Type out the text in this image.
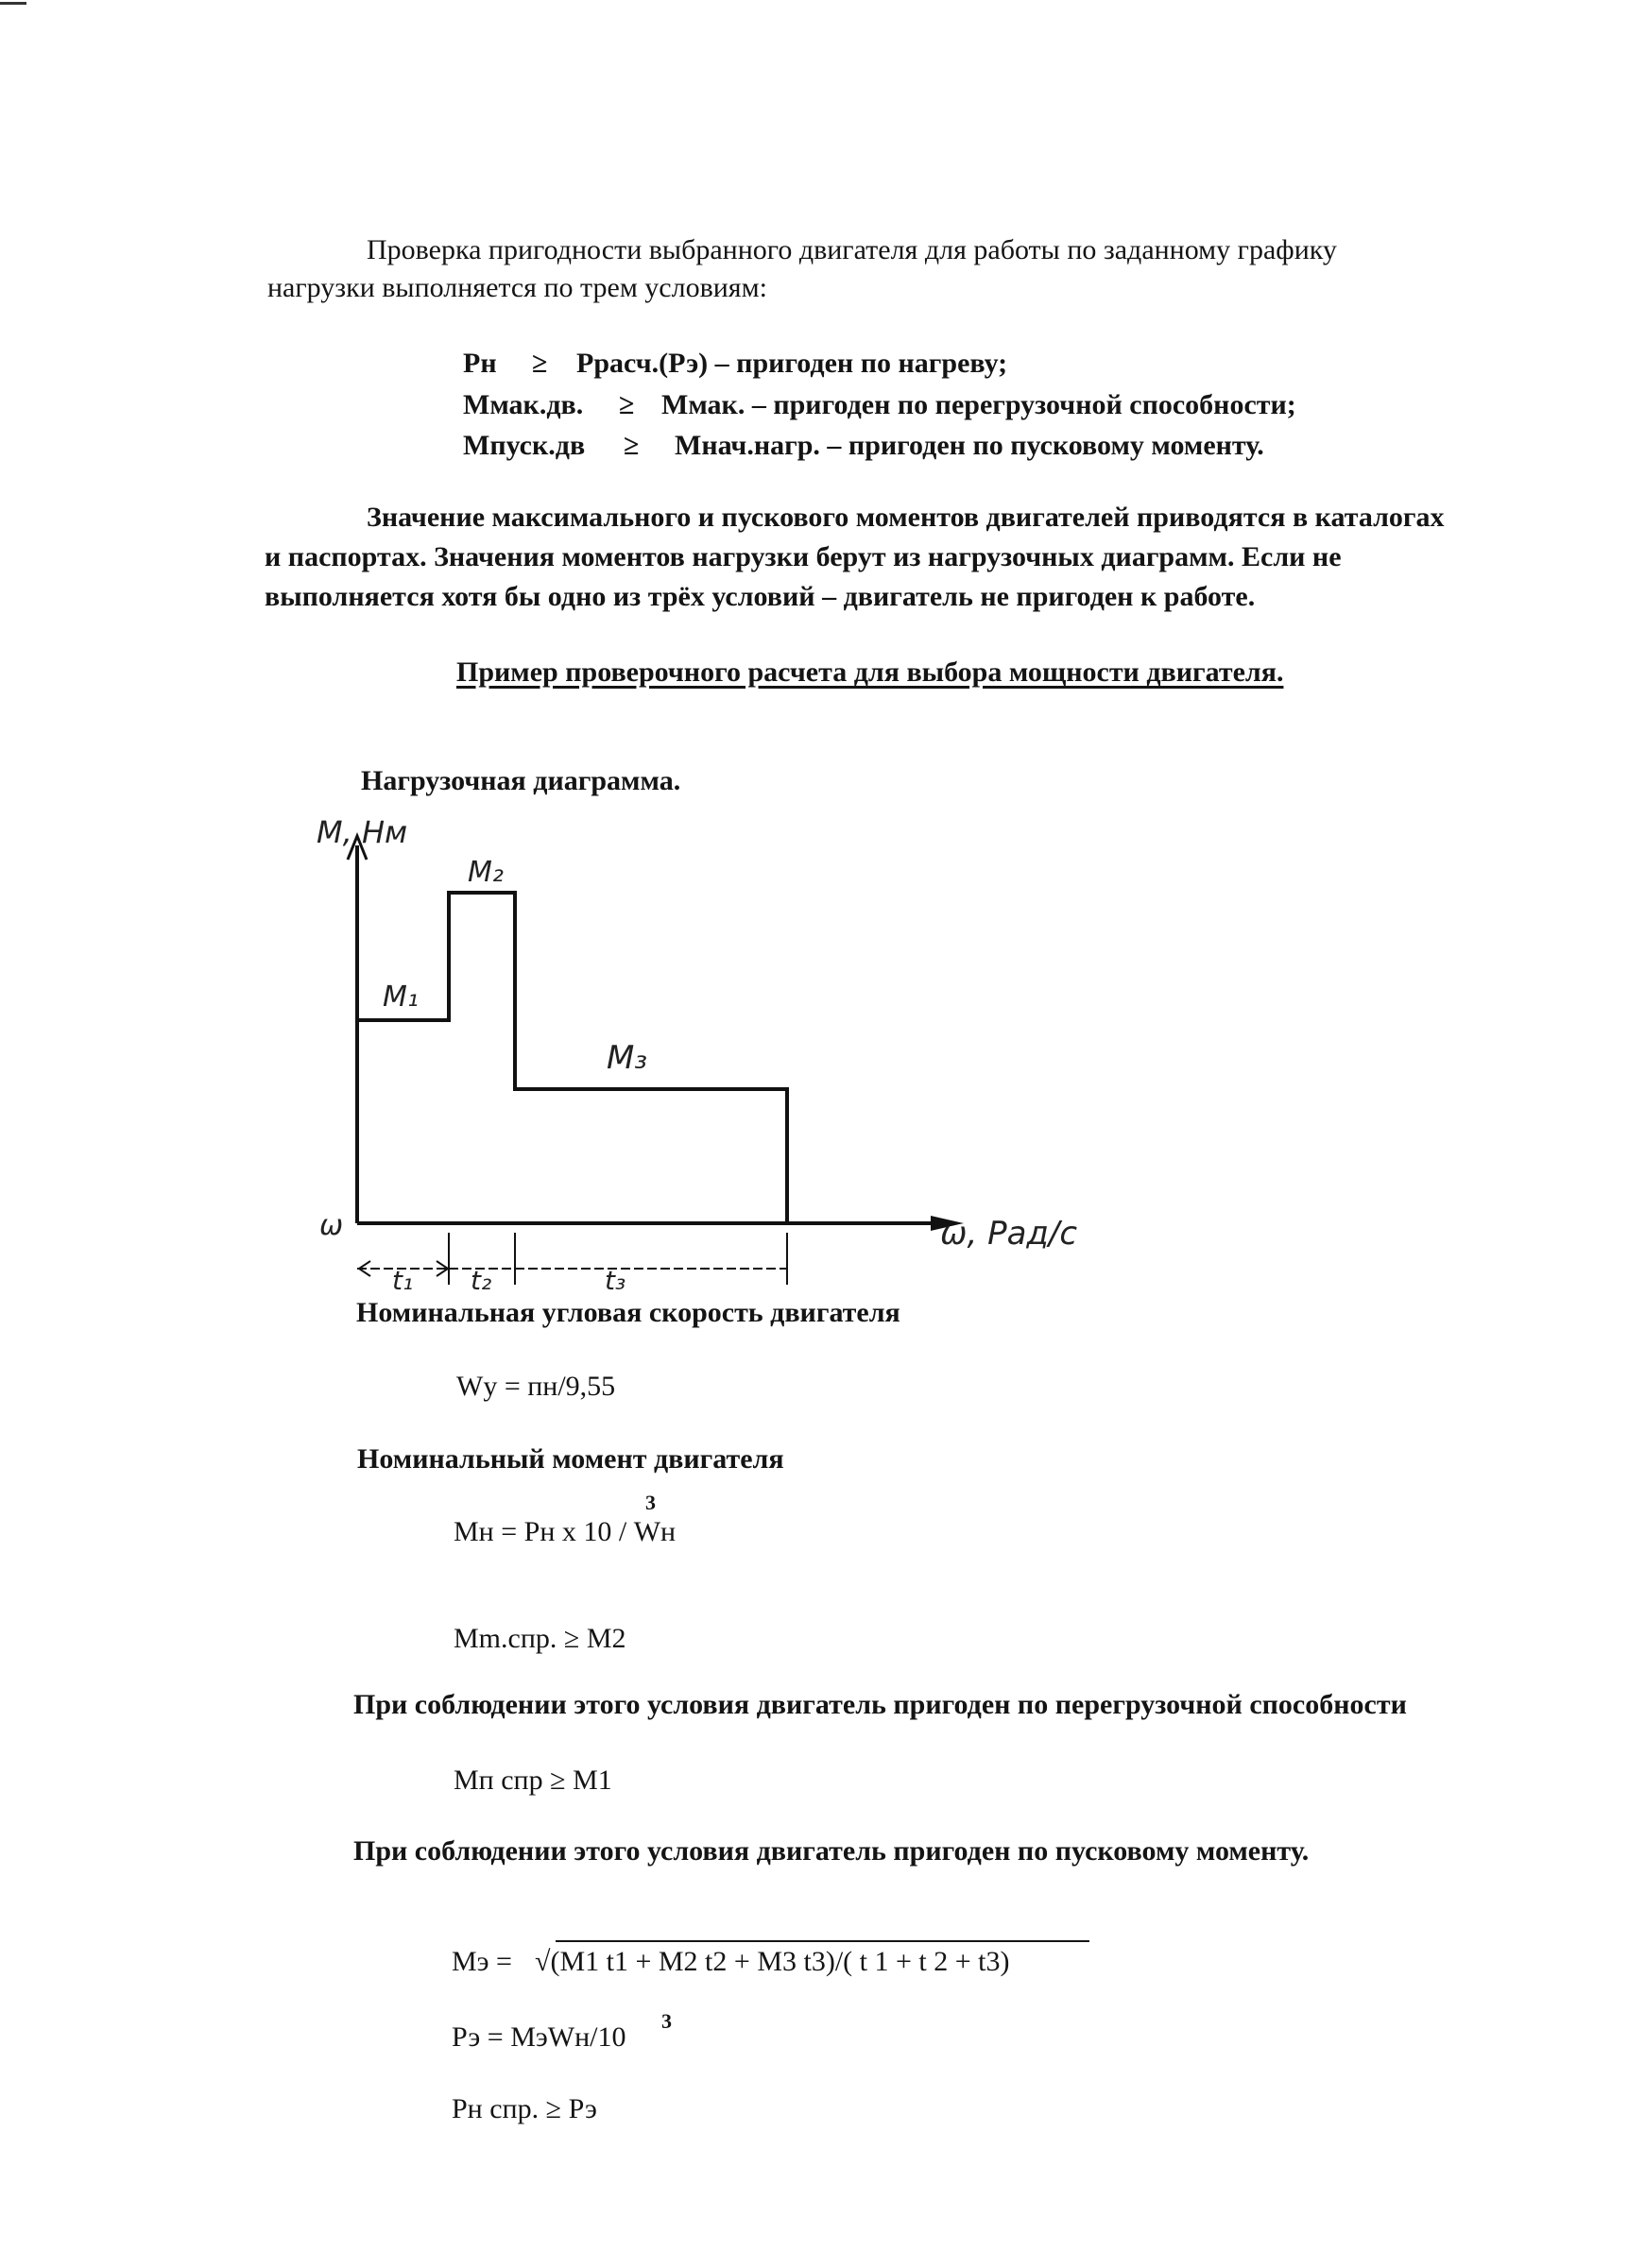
Проверка пригодности выбранного двигателя для работы по заданному графику
нагрузки выполняется по трем условиям:
Рн ≥ Ррасч.(Рэ) – пригоден по нагреву;
Ммак.дв. ≥ Ммак. – пригоден по перегрузочной способности;
Мпуск.дв ≥ Мнач.нагр. – пригоден по пусковому моменту.
Значение максимального и пускового моментов двигателей приводятся в каталогах
и паспортах. Значения моментов нагрузки берут из нагрузочных диаграмм. Если не
выполняется хотя бы одно из трёх условий – двигатель не пригоден к работе.
Пример проверочного расчета для выбора мощности двигателя.
Нагрузочная диаграмма.
М, Нм
ω, Рад/с
ω
М₁
М₂
М₃
t₁ t₂	t₃
Номинальная угловая скорость двигателя
Wу = пн/9,55
Номинальный момент двигателя
Мн = Рн х 10 / Wн
3
Мm.спр. ≥ М2
При соблюдении этого условия двигатель пригоден по перегрузочной способности
Мп спр ≥ М1
При соблюдении этого условия двигатель пригоден по пусковому моменту.
Мэ = √(М1 t1 + М2 t2 + М3 t3)/( t 1 + t 2 + t3)
Рэ = МэWн/10
3
Рн спр. ≥ Рэ
